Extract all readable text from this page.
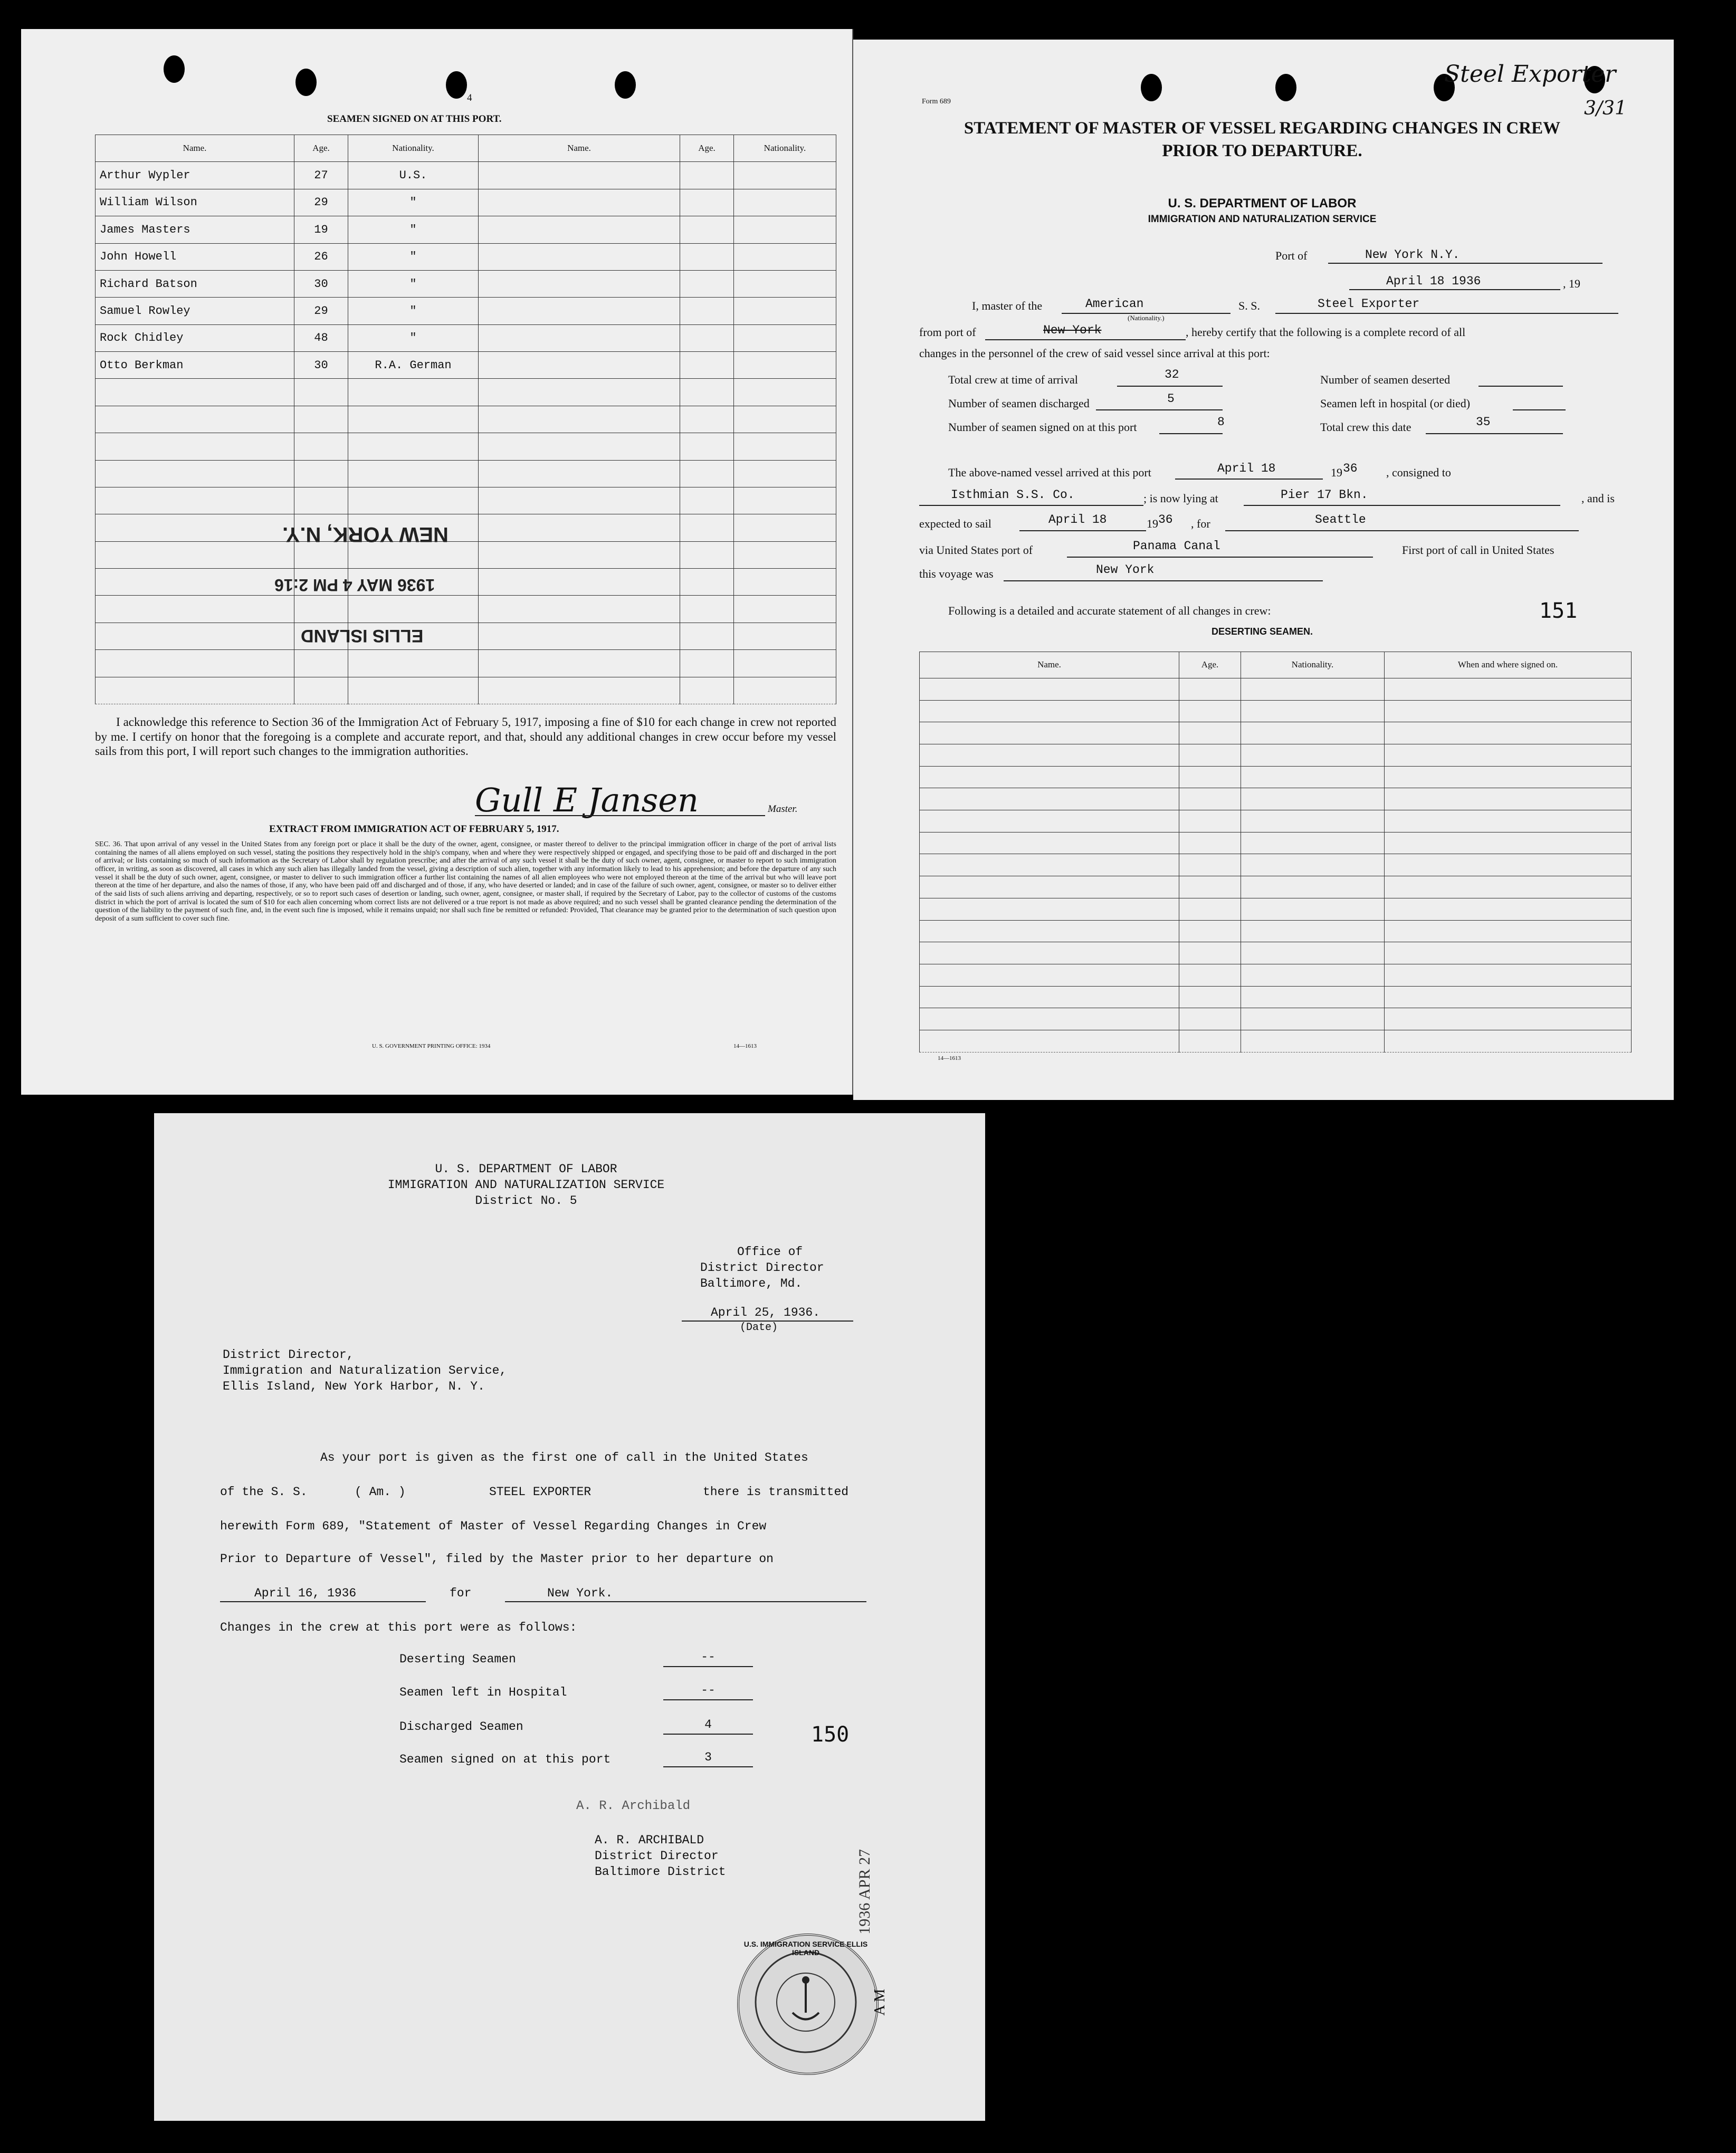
4
SEAMEN SIGNED ON AT THIS PORT.
Name.	Age.	Nationality.	Name.	Age.	Nationality.
Arthur Wypler	27	U.S.			
William Wilson	29	"			
James Masters	19	"			
John Howell	26	"			
Richard Batson	30	"			
Samuel Rowley	29	"			
Rock Chidley	48	"			
Otto Berkman	30	R.A. German			

NEW YORK, N.Y.
1936 MAY 4 PM 2:16
ELLIS ISLAND
I acknowledge this reference to Section 36 of the Immigration Act of February 5, 1917, imposing a fine of $10 for each change in crew not reported by me. I certify on honor that the foregoing is a complete and accurate report, and that, should any additional changes in crew occur before my vessel sails from this port, I will report such changes to the immigration authorities.
Gull E Jansen	Master.
EXTRACT FROM IMMIGRATION ACT OF FEBRUARY 5, 1917.
SEC. 36. That upon arrival of any vessel in the United States from any foreign port or place it shall be the duty of the owner, agent, consignee, or master thereof to deliver to the principal immigration officer in charge of the port of arrival lists containing the names of all aliens employed on such vessel, stating the positions they respectively hold in the ship's company, when and where they were respectively shipped or engaged, and specifying those to be paid off and discharged in the port of arrival; or lists containing so much of such information as the Secretary of Labor shall by regulation prescribe; and after the arrival of any such vessel it shall be the duty of such owner, agent, consignee, or master to report to such immigration officer, in writing, as soon as discovered, all cases in which any such alien has illegally landed from the vessel, giving a description of such alien, together with any information likely to lead to his apprehension; and before the departure of any such vessel it shall be the duty of such owner, agent, consignee, or master to deliver to such immigration officer a further list containing the names of all alien employees who were not employed thereon at the time of the arrival but who will leave port thereon at the time of her departure, and also the names of those, if any, who have been paid off and discharged and of those, if any, who have deserted or landed; and in case of the failure of such owner, agent, consignee, or master so to deliver either of the said lists of such aliens arriving and departing, respectively, or so to report such cases of desertion or landing, such owner, agent, consignee, or master shall, if required by the Secretary of Labor, pay to the collector of customs of the customs district in which the port of arrival is located the sum of $10 for each alien concerning whom correct lists are not delivered or a true report is not made as above required; and no such vessel shall be granted clearance pending the determination of the question of the liability to the payment of such fine, and, in the event such fine is imposed, while it remains unpaid; nor shall such fine be remitted or refunded: Provided, That clearance may be granted prior to the determination of such question upon deposit of a sum sufficient to cover such fine.
U. S. GOVERNMENT PRINTING OFFICE: 1934	14—1613
Steel Exporter
3/31
Form 689
STATEMENT OF MASTER OF VESSEL REGARDING CHANGES IN CREW
PRIOR TO DEPARTURE.
U. S. DEPARTMENT OF LABOR
IMMIGRATION AND NATURALIZATION SERVICE
Port of	New York N.Y.
April 18 1936	, 19
I, master of the	American
(Nationality.)
S. S.	Steel Exporter
from port of	New York	, hereby certify that the following is a complete record of all
changes in the personnel of the crew of said vessel since arrival at this port:
Total crew at time of arrival	32	Number of seamen deserted
Number of seamen discharged	5	Seamen left in hospital (or died)
Number of seamen signed on at this port	8	Total crew this date	35
The above-named vessel arrived at this port	April 18	19 36 , consigned to
Isthmian S.S. Co.	; is now lying at	Pier 17 Bkn.	, and is
expected to sail	April 18	19 36 , for	Seattle
via United States port of	Panama Canal	First port of call in United States
this voyage was	New York
Following is a detailed and accurate statement of all changes in crew:	151
DESERTING SEAMEN.
Name.	Age.	Nationality.	When and where signed on.

14—1613
U. S. DEPARTMENT OF LABOR
IMMIGRATION AND NATURALIZATION SERVICE
District No. 5
Office of
District Director
Baltimore, Md.
April 25, 1936.
(Date)
District Director,
Immigration and Naturalization Service,
Ellis Island, New York Harbor, N. Y.
As your port is given as the first one of call in the United States
of the S. S.	( Am. )	STEEL EXPORTER	there is transmitted
herewith Form 689, "Statement of Master of Vessel Regarding Changes in Crew
Prior to Departure of Vessel", filed by the Master prior to her departure on
April 16, 1936	for	New York.
Changes in the crew at this port were as follows:
Deserting Seamen	--
Seamen left in Hospital	--
Discharged Seamen	4
Seamen signed on at this port	3
150
A. R. Archibald
A. R. ARCHIBALD
District Director
Baltimore District	1936 APR 27
U.S. IMMIGRATION SERVICE ELLIS ISLAND
A M
